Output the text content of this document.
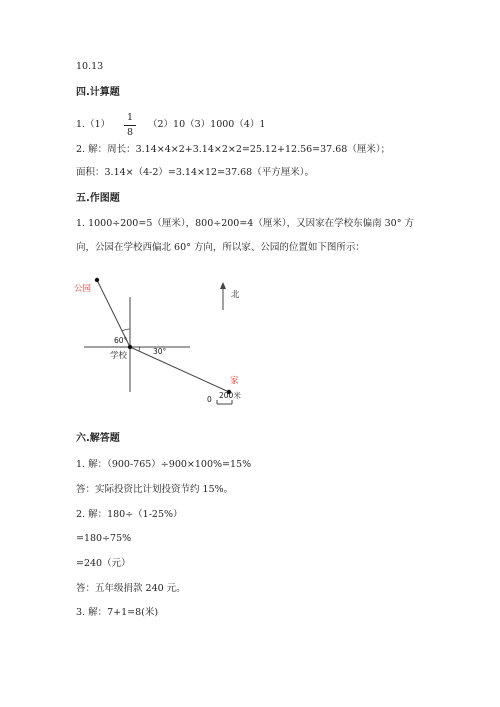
10.13
四.计算题
1.（1）
1
8
（2）10（3）1000（4）1
2. 解：周长：3.14×4×2+3.14×2×2=25.12+12.56=37.68（厘米）；
面积：3.14×（4-2）=3.14×12=37.68（平方厘米）。
五.作图题
1. 1000÷200=5（厘米），800÷200=4（厘米），又因家在学校东偏南 30° 方
向，公园在学校西偏北 60° 方向，所以家、公园的位置如下图所示：
公园
学校
家
北
60°
30°
0 200米
六.解答题
1. 解：（900-765）÷900×100%=15%
答：实际投资比计划投资节约 15%。
2. 解：180÷（1-25%）
=180÷75%
=240（元）
答：五年级捐款 240 元。
3. 解：7+1=8(米)
